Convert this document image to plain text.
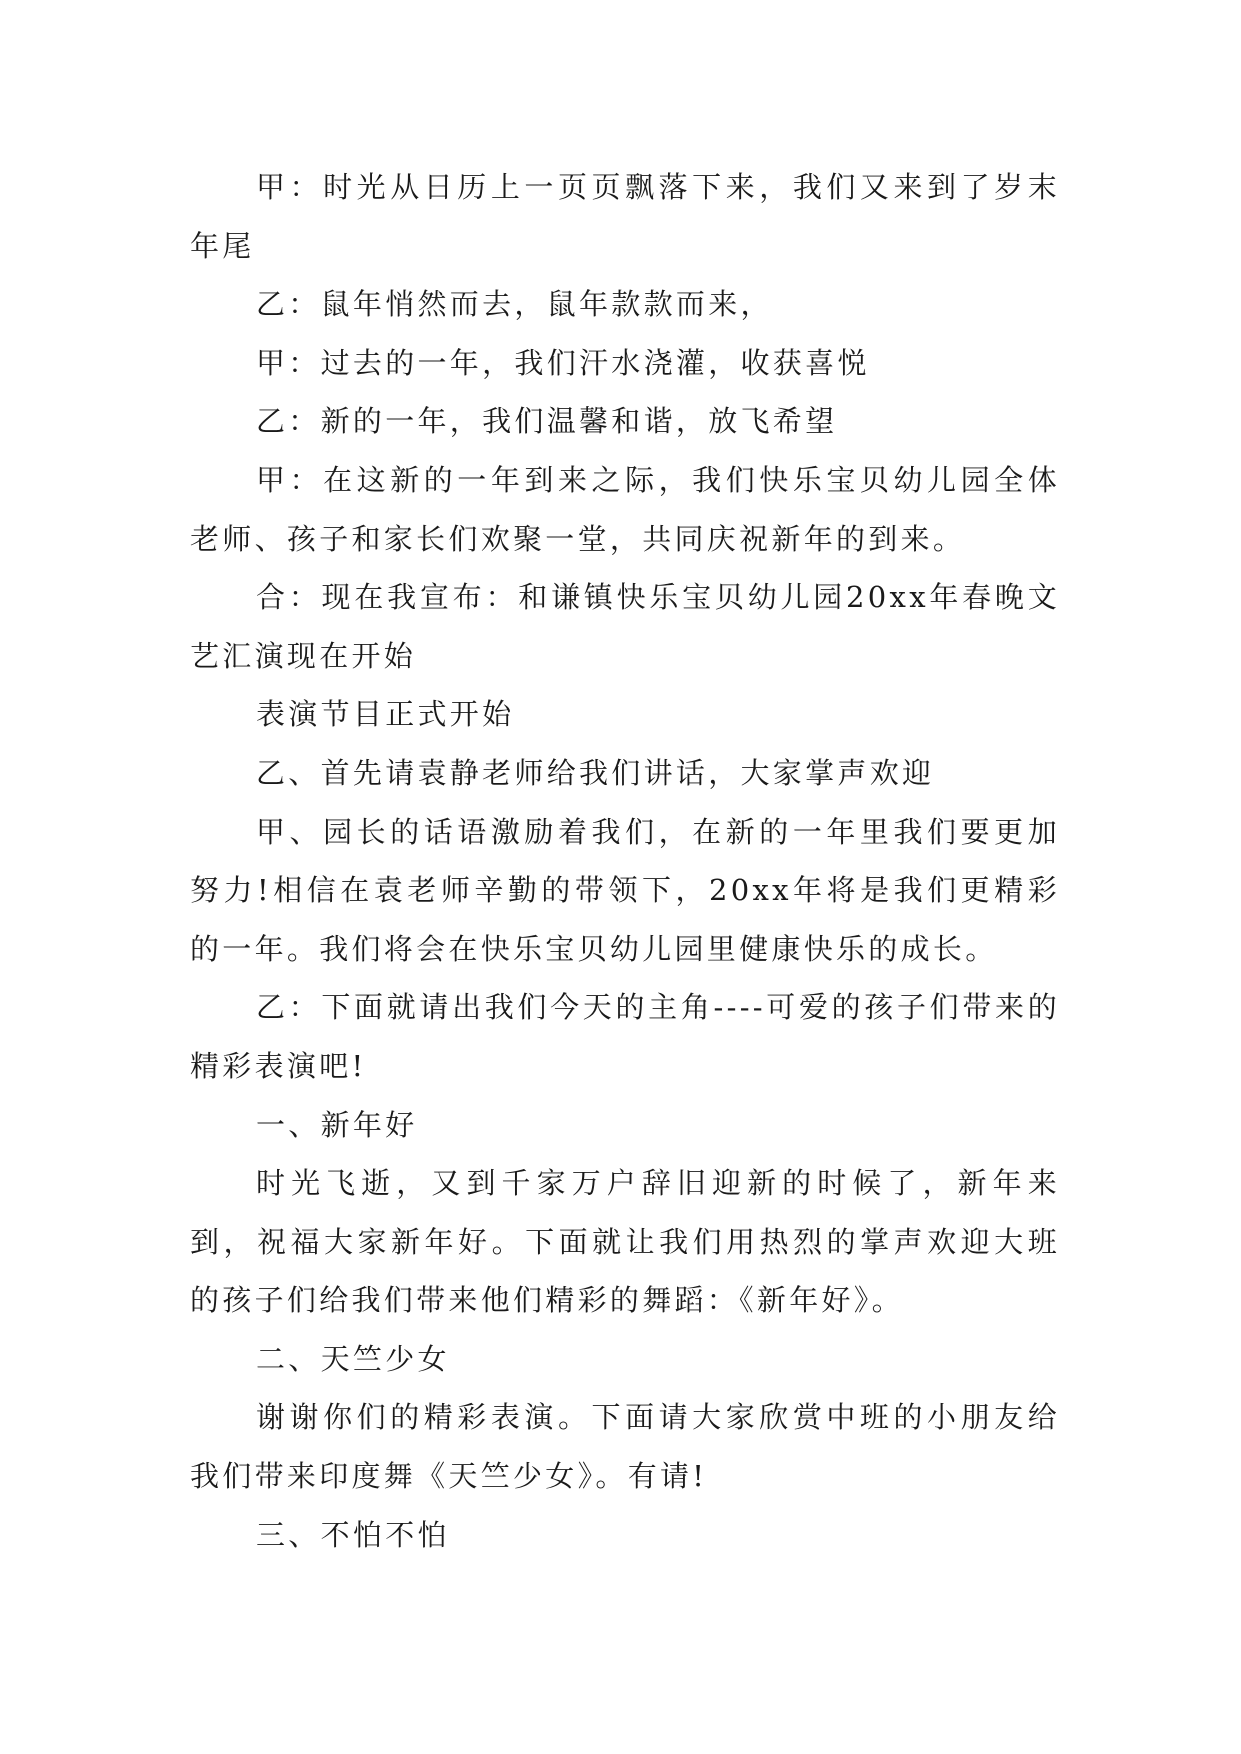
甲：时光从日历上一页页飘落下来，我们又来到了岁末年尾

乙：鼠年悄然而去，鼠年款款而来，

甲：过去的一年，我们汗水浇灌，收获喜悦

乙：新的一年，我们温馨和谐，放飞希望

甲：在这新的一年到来之际，我们快乐宝贝幼儿园全体老师、孩子和家长们欢聚一堂，共同庆祝新年的到来。

合：现在我宣布：和谦镇快乐宝贝幼儿园20xx年春晚文艺汇演现在开始

表演节目正式开始

乙、首先请袁静老师给我们讲话，大家掌声欢迎

甲、园长的话语激励着我们，在新的一年里我们要更加努力!相信在袁老师辛勤的带领下，20xx年将是我们更精彩的一年。我们将会在快乐宝贝幼儿园里健康快乐的成长。

乙：下面就请出我们今天的主角----可爱的孩子们带来的精彩表演吧!

一、新年好

时光飞逝，又到千家万户辞旧迎新的时候了，新年来到，祝福大家新年好。下面就让我们用热烈的掌声欢迎大班的孩子们给我们带来他们精彩的舞蹈：《新年好》。

二、天竺少女

谢谢你们的精彩表演。下面请大家欣赏中班的小朋友给我们带来印度舞《天竺少女》。有请!

三、不怕不怕
